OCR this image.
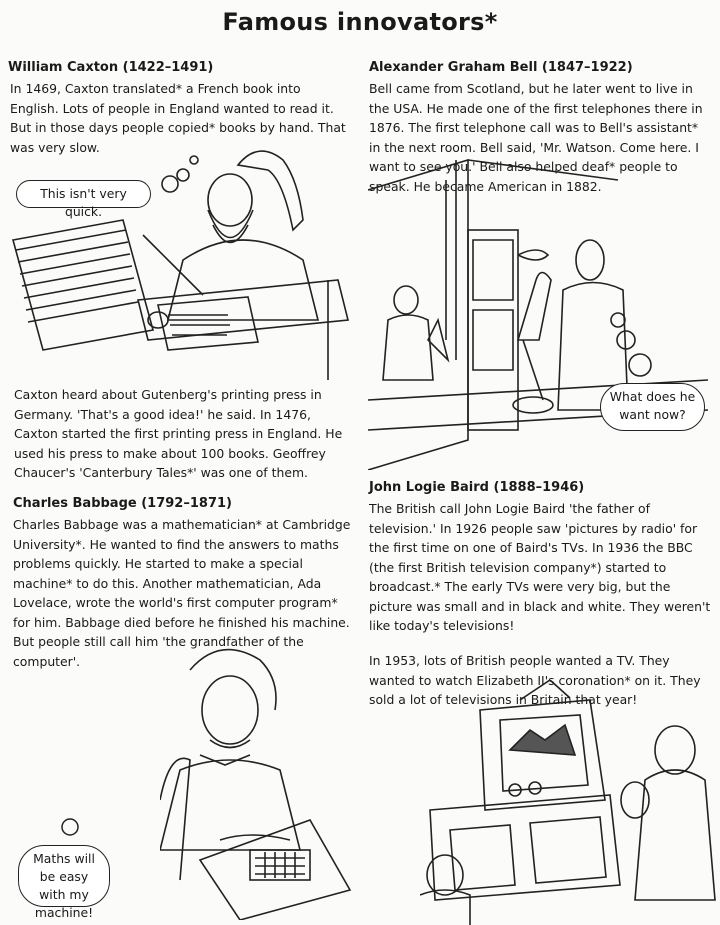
Famous innovators*
William Caxton (1422–1491)

In 1469, Caxton translated* a French book into English. Lots of people in England wanted to read it. But in those days people copied* books by hand. That was very slow.

This isn't very quick.

Caxton heard about Gutenberg's printing press in Germany. 'That's a good idea!' he said. In 1476, Caxton started the first printing press in England. He used his press to make about 100 books. Geoffrey Chaucer's 'Canterbury Tales*' was one of them.

Alexander Graham Bell (1847–1922)

Bell came from Scotland, but he later went to live in the USA. He made one of the first telephones there in 1876. The first telephone call was to Bell's assistant* in the next room. Bell said, 'Mr. Watson. Come here. I want to see you.' Bell also helped deaf* people to speak. He became American in 1882.

What does he want now?
Charles Babbage (1792–1871)

Charles Babbage was a mathematician* at Cambridge University*. He wanted to find the answers to maths problems quickly. He started to make a special machine* to do this. Another mathematician, Ada Lovelace, wrote the world's first computer program* for him. Babbage died before he finished his machine. But people still call him 'the grandfather of the computer'.

Maths will be easy with my machine!
John Logie Baird (1888–1946)

The British call John Logie Baird 'the father of television.' In 1926 people saw 'pictures by radio' for the first time on one of Baird's TVs. In 1936 the BBC (the first British television company*) started to broadcast.* The early TVs were very big, but the picture was small and in black and white. They weren't like today's televisions!

In 1953, lots of British people wanted a TV. They wanted to watch Elizabeth II's coronation* on it. They sold a lot of televisions in Britain that year!
